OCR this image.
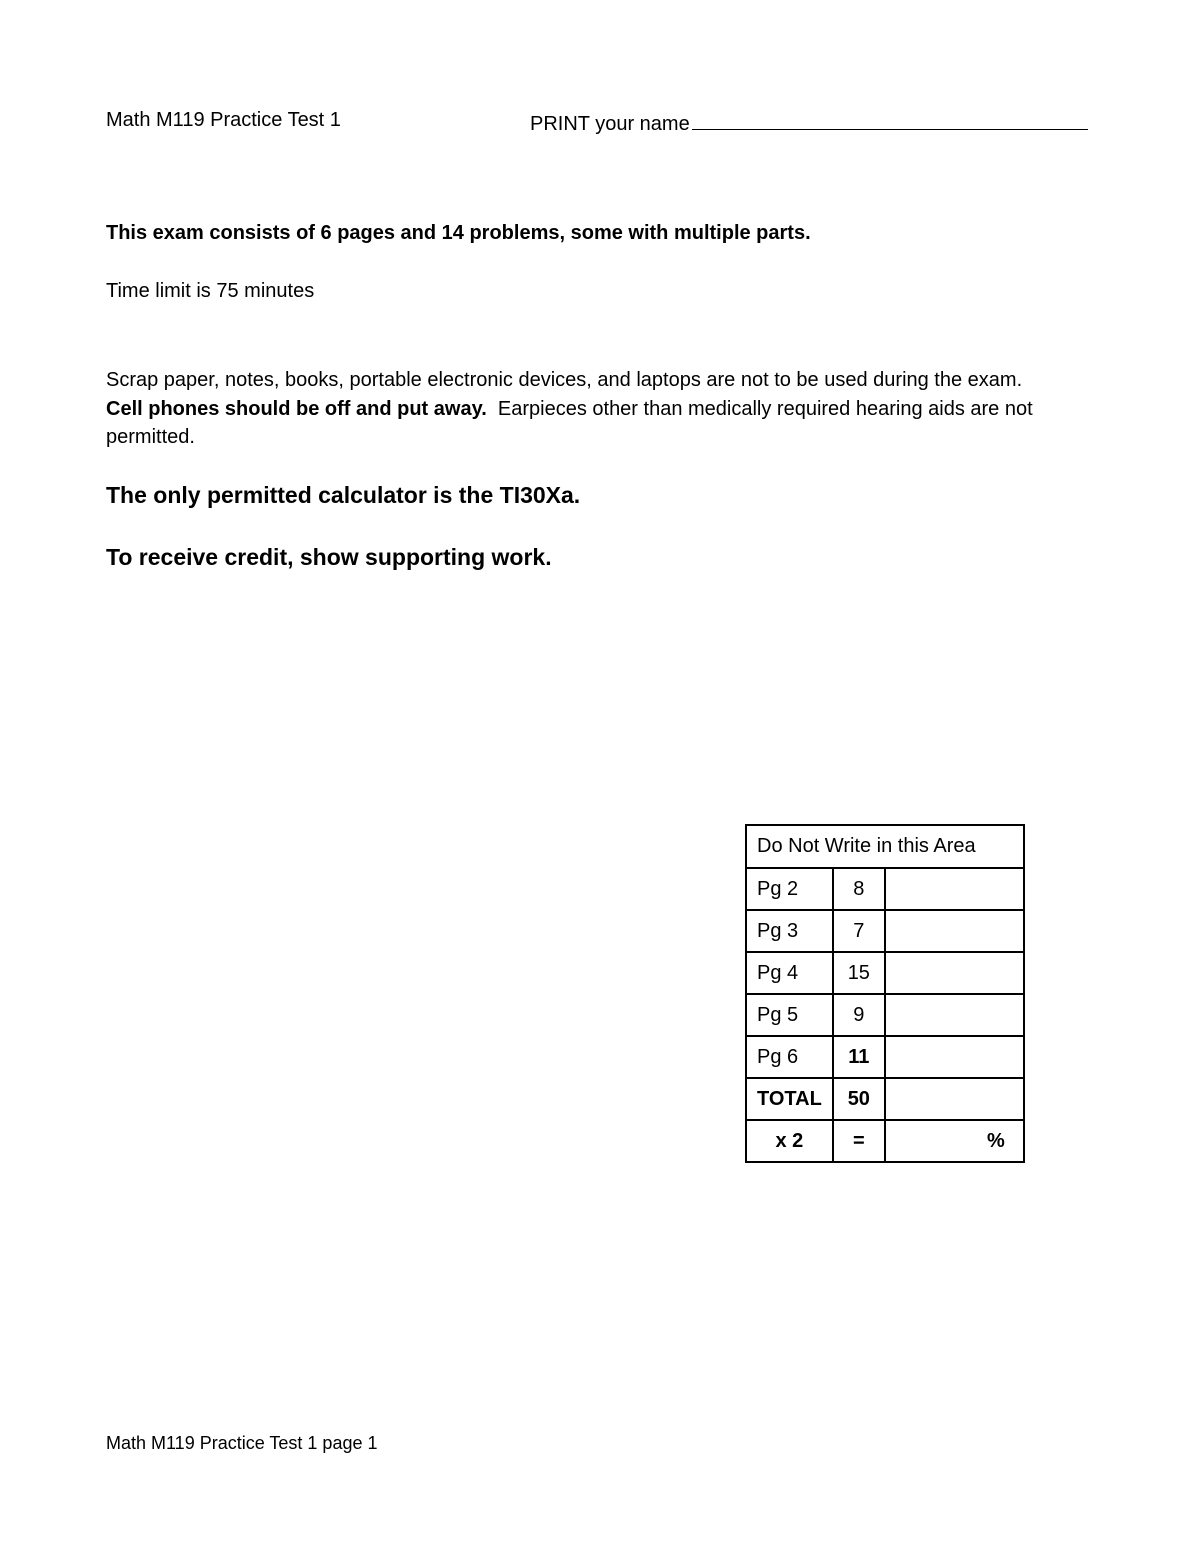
Math M119 Practice Test 1	PRINT your name
This exam consists of 6 pages and 14 problems, some with multiple parts.
Time limit is 75 minutes
Scrap paper, notes, books, portable electronic devices, and laptops are not to be used during the exam.
Cell phones should be off and put away. Earpieces other than medically required hearing aids are not permitted.
The only permitted calculator is the TI30Xa.
To receive credit, show supporting work.
Do Not Write in this Area		
Pg 2	8	
Pg 3	7	
Pg 4	15	
Pg 5	9	
Pg 6	11	
TOTAL	50	
x 2	=	%
Math M119 Practice Test 1 page 1
